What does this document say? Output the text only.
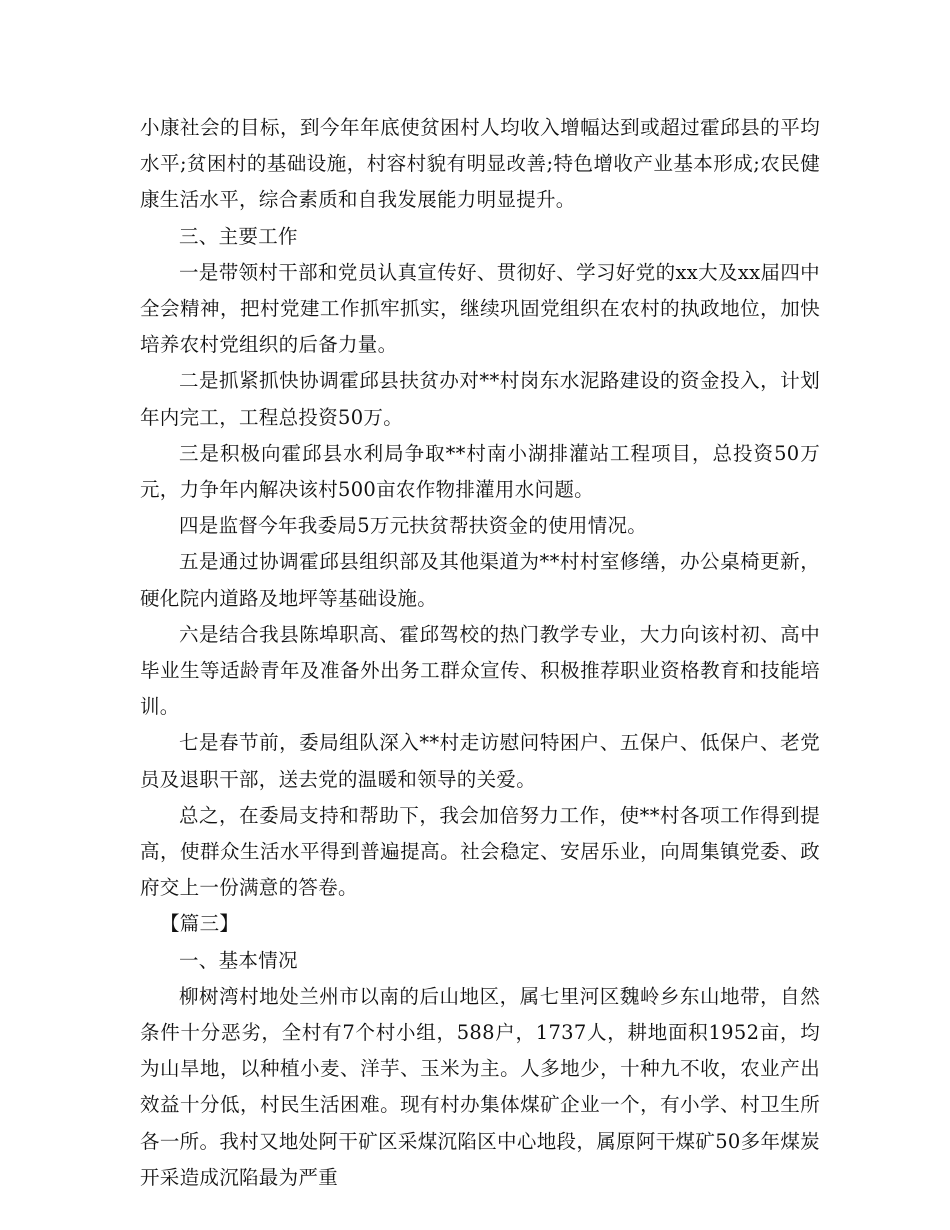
小康社会的目标，到今年年底使贫困村人均收入增幅达到或超过霍邱县的平均水平;贫困村的基础设施，村容村貌有明显改善;特色增收产业基本形成;农民健康生活水平，综合素质和自我发展能力明显提升。

三、主要工作

一是带领村干部和党员认真宣传好、贯彻好、学习好党的xx大及xx届四中全会精神，把村党建工作抓牢抓实，继续巩固党组织在农村的执政地位，加快培养农村党组织的后备力量。

二是抓紧抓快协调霍邱县扶贫办对**村岗东水泥路建设的资金投入，计划年内完工，工程总投资50万。

三是积极向霍邱县水利局争取**村南小湖排灌站工程项目，总投资50万元，力争年内解决该村500亩农作物排灌用水问题。

四是监督今年我委局5万元扶贫帮扶资金的使用情况。

五是通过协调霍邱县组织部及其他渠道为**村村室修缮，办公桌椅更新，硬化院内道路及地坪等基础设施。

六是结合我县陈埠职高、霍邱驾校的热门教学专业，大力向该村初、高中毕业生等适龄青年及准备外出务工群众宣传、积极推荐职业资格教育和技能培训。

七是春节前，委局组队深入**村走访慰问特困户、五保户、低保户、老党员及退职干部，送去党的温暖和领导的关爱。

总之，在委局支持和帮助下，我会加倍努力工作，使**村各项工作得到提高，使群众生活水平得到普遍提高。社会稳定、安居乐业，向周集镇党委、政府交上一份满意的答卷。

【篇三】

一、基本情况

柳树湾村地处兰州市以南的后山地区，属七里河区魏岭乡东山地带，自然条件十分恶劣，全村有7个村小组，588户，1737人，耕地面积1952亩，均为山旱地，以种植小麦、洋芋、玉米为主。人多地少，十种九不收，农业产出效益十分低，村民生活困难。现有村办集体煤矿企业一个，有小学、村卫生所各一所。我村又地处阿干矿区采煤沉陷区中心地段，属原阿干煤矿50多年煤炭开采造成沉陷最为严重
